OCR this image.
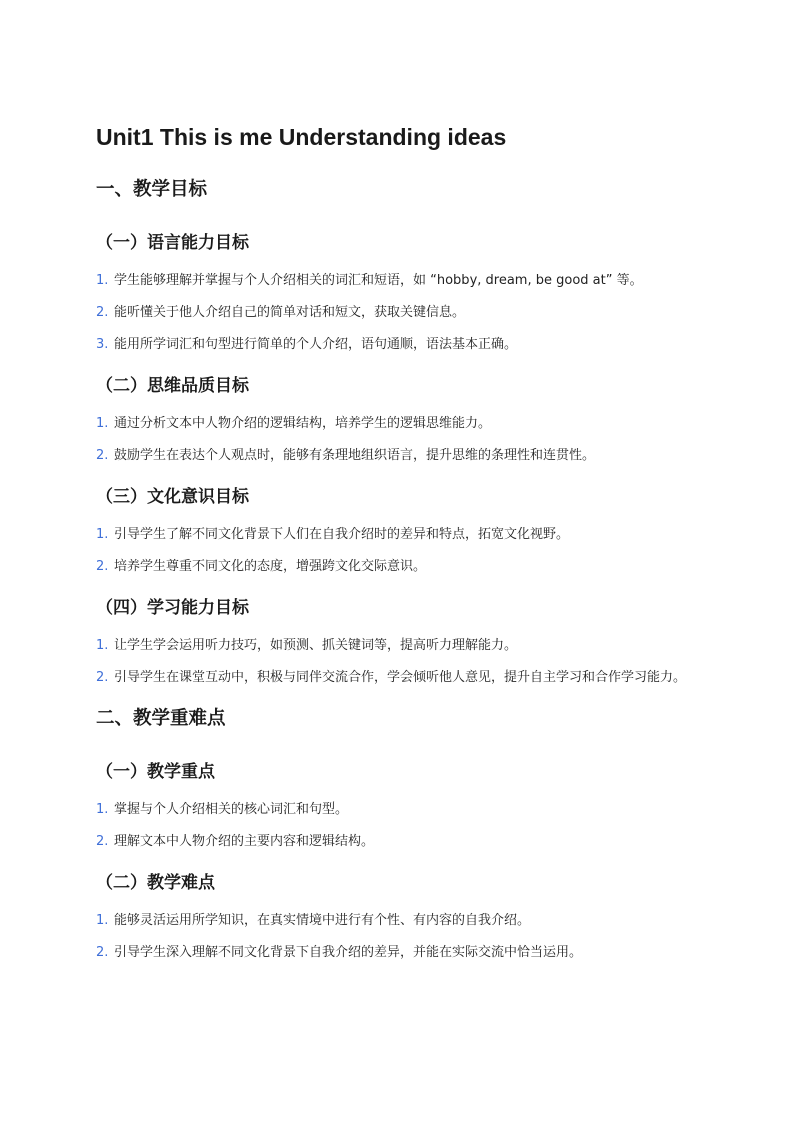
Unit1 This is me Understanding ideas
一、教学目标
（一）语言能力目标
1. 学生能够理解并掌握与个人介绍相关的词汇和短语，如 “hobby, dream, be good at” 等。
2. 能听懂关于他人介绍自己的简单对话和短文，获取关键信息。
3. 能用所学词汇和句型进行简单的个人介绍，语句通顺，语法基本正确。
（二）思维品质目标
1. 通过分析文本中人物介绍的逻辑结构，培养学生的逻辑思维能力。
2. 鼓励学生在表达个人观点时，能够有条理地组织语言，提升思维的条理性和连贯性。
（三）文化意识目标
1. 引导学生了解不同文化背景下人们在自我介绍时的差异和特点，拓宽文化视野。
2. 培养学生尊重不同文化的态度，增强跨文化交际意识。
（四）学习能力目标
1. 让学生学会运用听力技巧，如预测、抓关键词等，提高听力理解能力。
2. 引导学生在课堂互动中，积极与同伴交流合作，学会倾听他人意见，提升自主学习和合作学习能力。
二、教学重难点
（一）教学重点
1. 掌握与个人介绍相关的核心词汇和句型。
2. 理解文本中人物介绍的主要内容和逻辑结构。
（二）教学难点
1. 能够灵活运用所学知识，在真实情境中进行有个性、有内容的自我介绍。
2. 引导学生深入理解不同文化背景下自我介绍的差异，并能在实际交流中恰当运用。
